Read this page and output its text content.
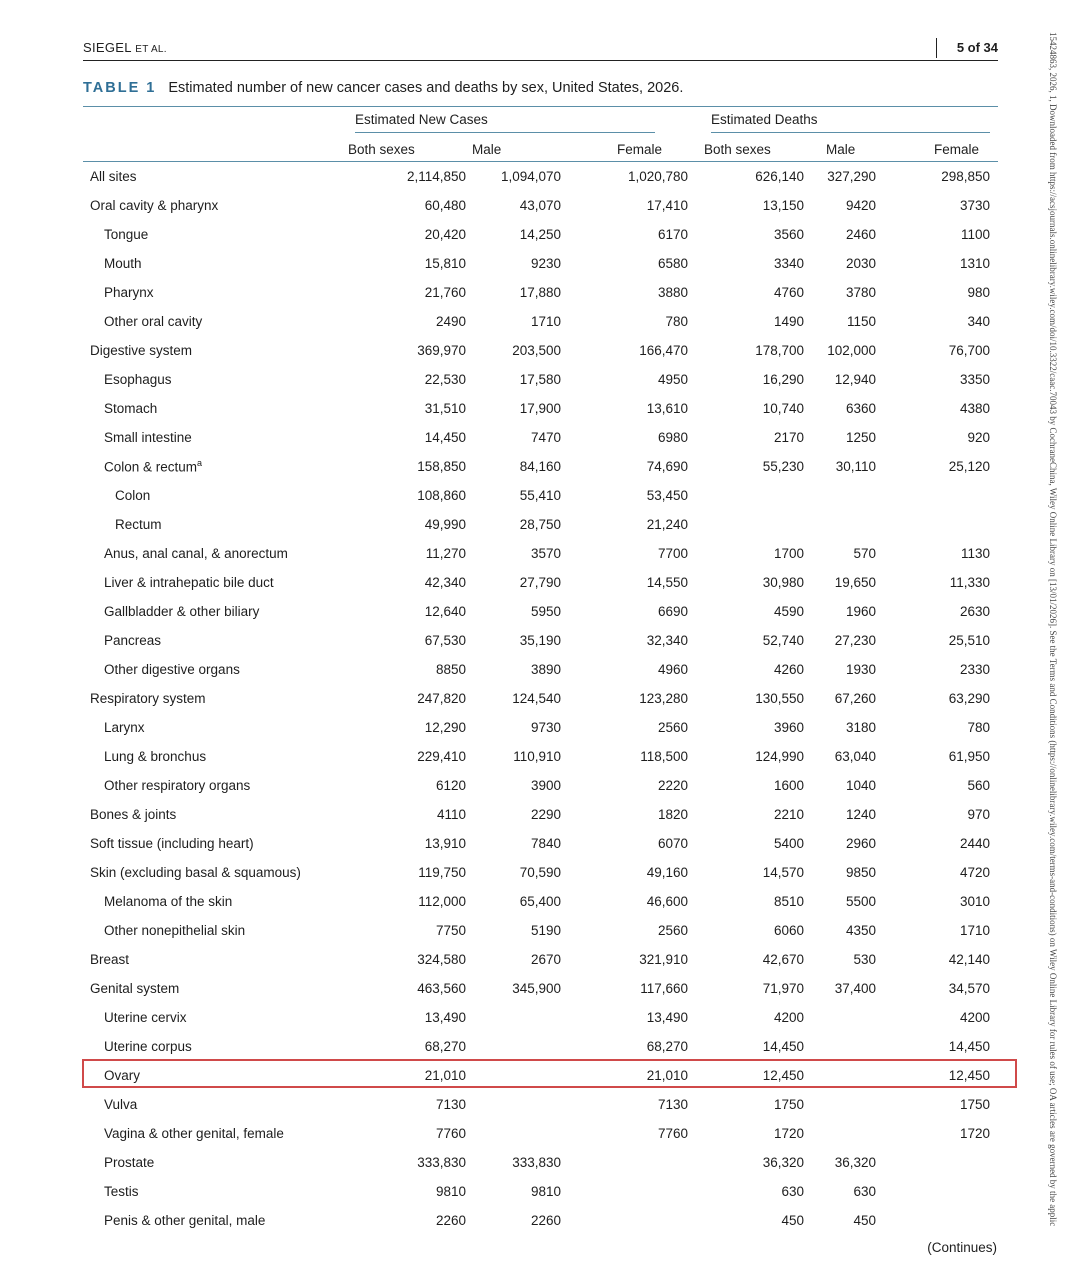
SIEGEL ET AL.	5 of 34
TABLE 1 Estimated number of new cancer cases and deaths by sex, United States, 2026.
Estimated New Cases	Estimated Deaths
	Both sexes	Male	Female	Both sexes	Male	Female
All sites	2,114,850	1,094,070	1,020,780	626,140	327,290	298,850
Oral cavity & pharynx	60,480	43,070	17,410	13,150	9420	3730
Tongue	20,420	14,250	6170	3560	2460	1100
Mouth	15,810	9230	6580	3340	2030	1310
Pharynx	21,760	17,880	3880	4760	3780	980
Other oral cavity	2490	1710	780	1490	1150	340
Digestive system	369,970	203,500	166,470	178,700	102,000	76,700
Esophagus	22,530	17,580	4950	16,290	12,940	3350
Stomach	31,510	17,900	13,610	10,740	6360	4380
Small intestine	14,450	7470	6980	2170	1250	920
Colon & rectum$^a$	158,850	84,160	74,690	55,230	30,110	25,120
Colon	108,860	55,410	53,450			
Rectum	49,990	28,750	21,240			
Anus, anal canal, & anorectum	11,270	3570	7700	1700	570	1130
Liver & intrahepatic bile duct	42,340	27,790	14,550	30,980	19,650	11,330
Gallbladder & other biliary	12,640	5950	6690	4590	1960	2630
Pancreas	67,530	35,190	32,340	52,740	27,230	25,510
Other digestive organs	8850	3890	4960	4260	1930	2330
Respiratory system	247,820	124,540	123,280	130,550	67,260	63,290
Larynx	12,290	9730	2560	3960	3180	780
Lung & bronchus	229,410	110,910	118,500	124,990	63,040	61,950
Other respiratory organs	6120	3900	2220	1600	1040	560
Bones & joints	4110	2290	1820	2210	1240	970
Soft tissue (including heart)	13,910	7840	6070	5400	2960	2440
Skin (excluding basal & squamous)	119,750	70,590	49,160	14,570	9850	4720
Melanoma of the skin	112,000	65,400	46,600	8510	5500	3010
Other nonepithelial skin	7750	5190	2560	6060	4350	1710
Breast	324,580	2670	321,910	42,670	530	42,140
Genital system	463,560	345,900	117,660	71,970	37,400	34,570
Uterine cervix	13,490		13,490	4200		4200
Uterine corpus	68,270		68,270	14,450		14,450
Ovary	21,010		21,010	12,450		12,450
Vulva	7130		7130	1750		1750
Vagina & other genital, female	7760		7760	1720		1720
Prostate	333,830	333,830		36,320	36,320	
Testis	9810	9810		630	630	
Penis & other genital, male	2260	2260		450	450	
(Continues)
15424863, 2026, 1, Downloaded from https://acsjournals.onlinelibrary.wiley.com/doi/10.3322/caac.70043 by CochraneChina, Wiley Online Library on [13/01/2026]. See the Terms and Conditions (https://onlinelibrary.wiley.com/terms-and-conditions) on Wiley Online Library for rules of use; OA articles are governed by the applic
